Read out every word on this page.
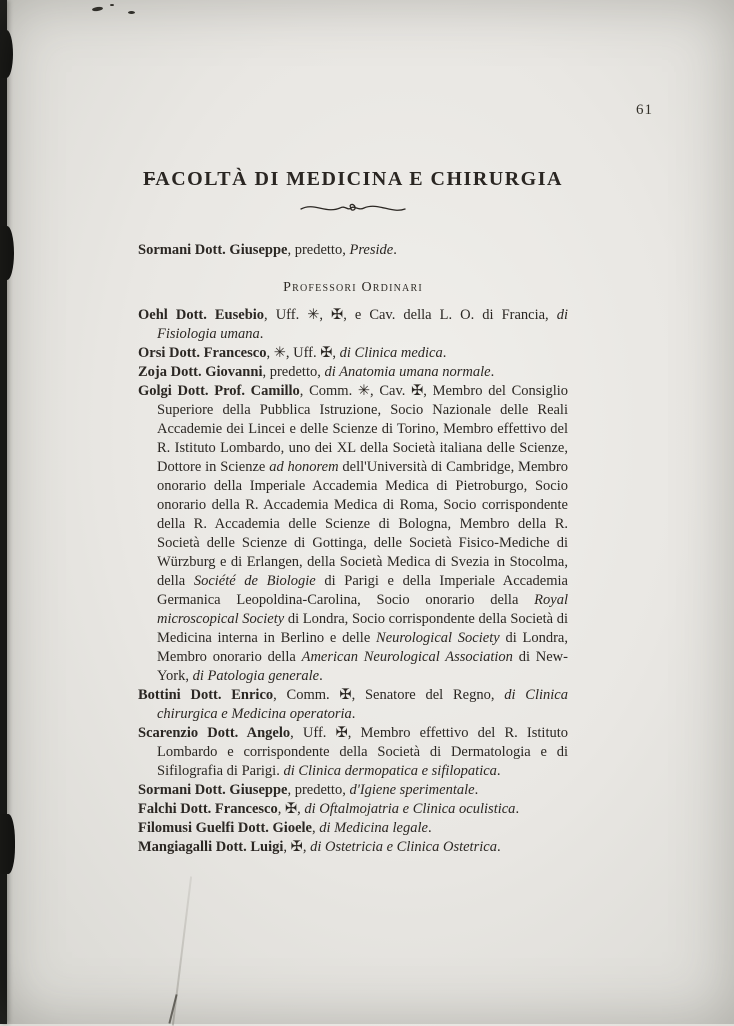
61
FACOLTÀ DI MEDICINA E CHIRURGIA

Sormani Dott. Giuseppe, predetto, Preside.

Professori Ordinari

Oehl Dott. Eusebio, Uff. ✳, ✠, e Cav. della L. O. di Francia, di Fisiologia umana.

Orsi Dott. Francesco, ✳, Uff. ✠, di Clinica medica.

Zoja Dott. Giovanni, predetto, di Anatomia umana normale.

Golgi Dott. Prof. Camillo, Comm. ✳, Cav. ✠, Membro del Consiglio Superiore della Pubblica Istruzione, Socio Nazionale delle Reali Accademie dei Lincei e delle Scienze di Torino, Membro effettivo del R. Istituto Lombardo, uno dei XL della Società italiana delle Scienze, Dottore in Scienze ad honorem dell'Università di Cambridge, Membro onorario della Imperiale Accademia Medica di Pietroburgo, Socio onorario della R. Accademia Medica di Roma, Socio corrispondente della R. Accademia delle Scienze di Bologna, Membro della R. Società delle Scienze di Gottinga, delle Società Fisico-Mediche di Würzburg e di Erlangen, della Società Medica di Svezia in Stocolma, della Société de Biologie di Parigi e della Imperiale Accademia Germanica Leopoldina-Carolina, Socio onorario della Royal microscopical Society di Londra, Socio corrispondente della Società di Medicina interna in Berlino e delle Neurological Society di Londra, Membro onorario della American Neurological Association di New-York, di Patologia generale.

Bottini Dott. Enrico, Comm. ✠, Senatore del Regno, di Clinica chirurgica e Medicina operatoria.

Scarenzio Dott. Angelo, Uff. ✠, Membro effettivo del R. Istituto Lombardo e corrispondente della Società di Dermatologia e di Sifilografia di Parigi. di Clinica dermopatica e sifilopatica.

Sormani Dott. Giuseppe, predetto, d'Igiene sperimentale.

Falchi Dott. Francesco, ✠, di Oftalmojatria e Clinica oculistica.

Filomusi Guelfi Dott. Gioele, di Medicina legale.

Mangiagalli Dott. Luigi, ✠, di Ostetricia e Clinica Ostetrica.
